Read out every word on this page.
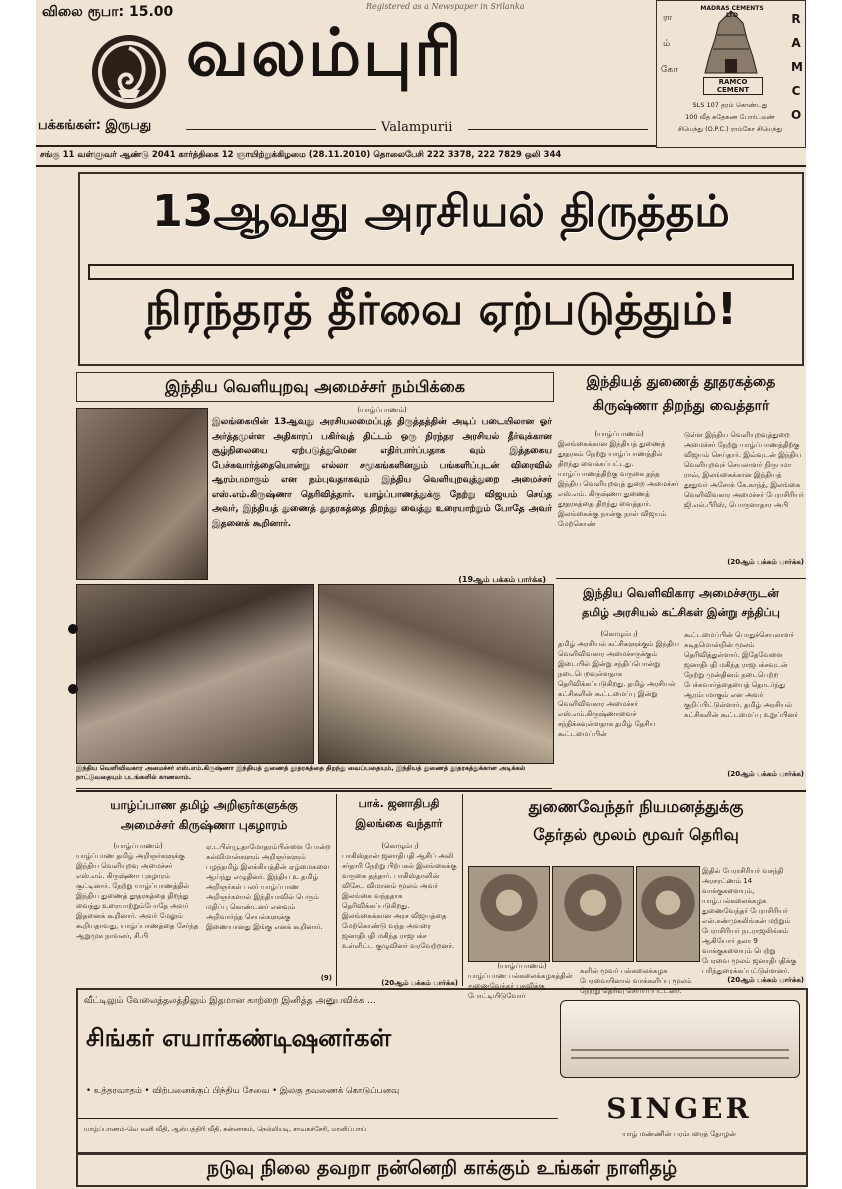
விலை ரூபா: 15.00	Registered as a Newspaper in Srilanka
வலம்புரி
பக்கங்கள்: இருபது	Valampurii
RAMCO
ரா
ம்
கோ
MADRAS CEMENTS LTD
RAMCO CEMENT
SLS 107 தரம் கொண்டது
100 வீத சுதேசுண போர்ட்லண்
சிமெந்து (O.P.C.) ராம்கோ சிமெந்து
சங்கு 11 வள்ளுவர் ஆண்டு 2041 கார்த்திகை 12 ஞாயிற்றுக்கிழமை (28.11.2010) தொலைபேசி 222 3378, 222 7829 ஒலி 344
13ஆவது அரசியல் திருத்தம்
நிரந்தரத் தீர்வை ஏற்படுத்தும்!
இந்திய வெளியுறவு அமைச்சர் நம்பிக்கை
(யாழ்ப்பாணம்)
இலங்கையின் 13ஆவது அரசியலமைப்புத் திருத்தத்தின் அடிப் படையிலான ஓர் அர்த்தமுள்ள அதிகாரப் பகிர்வுத் திட்டம் ஒரு நிரந்தர அரசியல் தீர்வுக்கான சூழ்நிலையை ஏற்படுத்துமென எதிர்பார்ப்பதாக வும் இத்தகைய பேச்சுவார்த்தையொன்று எல்லா சமூகங்களினதும் பங்களிப்புடன் விரைவில் ஆரம்பமாகும் என நம்புவதாகவும் இந்திய வெளியுறவுத்துறை அமைச்சர் எஸ்.எம்.கிருஷ்ணா தெரிவித்தார். யாழ்ப்பாணத்துக்கு நேற்று விஜயம் செய்த அவர், இந்தியத் துணைத் தூதரகத்தை திறந்து வைத்து உரையாற்றும் போதே அவர் இதனைக் கூறினார்.
(19ஆம் பக்கம் பார்க்க)
இந்திய வெளிவிவகார அமைச்சர் எஸ்.எம்.கிருஷ்ணா இந்தியத் துணைத் தூதரகத்தை திறந்து வைப்பதையும், இந்தியத் துணைத் தூதரகத்துக்கான அடிக்கல் நாட்டுவதையும் படங்களில் காணலாம்.
இந்தியத் துணைத் தூதரகத்தை
கிருஷ்ணா திறந்து வைத்தார்
(யாழ்ப்பாணம்)
இலங்கைக்கான இந்தியத் துணைத் தூதரகம் நேற்று யாழ்ப்பாணத்தில் திறந்து வைக்கப்பட்டது. யாழ்ப்பாணத்திற்கு வருகை தந்த இந்திய வெளியுறவுத் துறை அமைச்சர் எஸ்.எம். கிருஷ்ணா துணைத் தூதரகத்தை திறந்து வைத்தார். இலங்கைக்கு நான்கு நாள் விஜயம் மேற்கொண்
டுள்ள இந்திய வெளியுறவுத்துறை அமைச்சர் நேற்று யாழ்ப்பாணத்திற்கு விஜயம் செய்தார். இவ்வுடன் இந்திய வெளியுறவுச் செயலாளர் நிருபமா ராவ், இலங்கைக்கான இந்தியத் தூதுவர் அசோக் கே.காந்த், இலங்கை வெளிவிவகார அமைச்சர் பேராசிரியர் ஜி.எல்.பீரிஸ், பொருளாதார அபி
(20ஆம் பக்கம் பார்க்க)
இந்திய வெளிவிகார அமைச்சருடன்
தமிழ் அரசியல் கட்சிகள் இன்று சந்திப்பு
(கொழும்பு)
தமிழ் அரசியல் கட்சிகளுக்கும் இந்திய வெளிவிவகார அமைச்சருக்கும் இடையில் இன்று சந்திப்பொன்று நடைபெறவுள்ளதாக தெரிவிக்கப்படுகிறது. தமிழ் அரசியல் கட்சிகளின் கூட்டமைப்பு இன்று வெளிவிவகார அமைச்சர் எஸ்.எம்.கிருஷ்ணாவைச் சந்திக்கவுள்ளதாக தமிழ் தேசிய கூட்டமைப்பின்
கூட்டமைப்பின் பொதுச்செயலாளர் கடிதமொன்றின் மூலம் தெரிவித்துள்ளார். இதேவேளை ஜனாதிபதி மகிந்த ராஜபக்சவுடன் நேற்று முன்தினம் நடைபெற்ற பேச்சுவார்த்தையைத் தொடர்ந்து ஆரம்பமாகும் என அவர் குறிப்பிட்டுள்ளார். தமிழ் அரசியல் கட்சிகளின் கூட்டமைப்பு உறுப்பினர்
(20ஆம் பக்கம் பார்க்க)
யாழ்ப்பாண தமிழ் அறிஞர்களுக்கு
அமைச்சர் கிருஷ்ணா புகழாரம்
(யாழ்ப்பாணம்)
யாழ்ப்பாண தமிழ் அறிஞர்களுக்கு இந்திய வெளியுறவு அமைச்சர் எஸ்.எம். கிருஷ்ணா புகழாரம் சூட்டினார். நேற்று யாழ்ப்பாணத்தில் இந்திய துணைத் தூதரகத்தை திறந்து வைத்து உரையாற்றும்போதே அவர் இதனைக் கூறினார். அவர் மேலும் கூறியதாவது, யாழ்ப்பாணத்தை சேர்ந்த ஆறுமுக நாவலர், சி.பி
ஏ.டபிள்யூ.தாமோதரம்பிள்ளை போன்ற கல்விமான்களும் அறிஞர்களும் பழந்தமிழ் இலக்கியத்தின் ஏழ்மைகளை ஆய்ந்து எழுதினர். இந்திய உ தமிழ் அறிஞர்கள் பலர் யாழ்ப்பாண அறிஞர்களால் இந்தியாவில் பெரும் மதிப்பு கொண்டனர் எனவும் அறிவார்ந்த செயல்களுக்கு இணையானது இங்கு எனக் கூறினார்.
(9)
பாக். ஜனாதிபதி
இலங்கை வந்தார்
(கொழும்பு)
பாகிஸ்தான் ஜனாதிபதி ஆசிப் அலி சர்தாரி நேற்று பிற்பகல் இலங்கைக்கு வருகை தந்தார். பாகிஸ்தானின் விசேட விமானம் மூலம் அவர் இலங்கை வந்ததாக தெரிவிக்கப்படுகிறது. இலங்கைக்கான அரச விஜயத்தை மேற்கொண்டு வந்த அவரை ஜனாதிபதி மகிந்த ராஜபக்ச உள்ளிட்ட குழுவினர் வரவேற்றனர்.
(20ஆம் பக்கம் பார்க்க)
துணைவேந்தர் நியமனத்துக்கு
தேர்தல் மூலம் மூவர் தெரிவு
(யாழ்ப்பாணம்)
யாழ்ப்பாண பல்கலைக்கழகத்தின் துணைவேந்தர் பதவிக்கு போட்டியிடுவோர்
களில் மூவர் பல்கலைக்கழக பேரவையினால் வாக்களிப்பு மூலம் நேற்று தெரிவு செய்யப்பட்டனர்.
இதில் பேராசிரியர் வசந்தி அரசரட்ணம் 14 வாக்குகளையும், யாழ்.பல்கலைக்கழக துணைவேந்தர் பேராசிரியர் என்.சண்முகலிங்கன் மற்றும் பேராசிரியர் நடராஜலிங்கம் ஆகியோர் தலா 9 வாக்குகளையும் பெற்று பேரவை மூலம் ஜனாதிபதிக்கு பரிந்துரைக்கப்பட்டுள்ளனர்.
(20ஆம் பக்கம் பார்க்க)
வீட்டிலும் வேலைத்தலத்திலும் இதமான காற்றை இனித்த அனுபவிக்க ...
சிங்கர் எயார்கண்டிஷனர்கள்
• உத்தரவாதம் • விற்பனைக்குப் பிந்திய சேவை • இலகு தவணைக் கொடுப்பனவு
யாழ்ப்பாணம்-வெ லனி வீதி, ஆஸ்பத்திரி வீதி, கன்னாகம், நெல்லியடி, சாவகச்சேரி, மானிப்பாய்
SINGER
யாழ் மண்ணின் பரம்பரைத் தோழன்
நடுவு நிலை தவறா நன்னெறி காக்கும் உங்கள் நாளிதழ்
